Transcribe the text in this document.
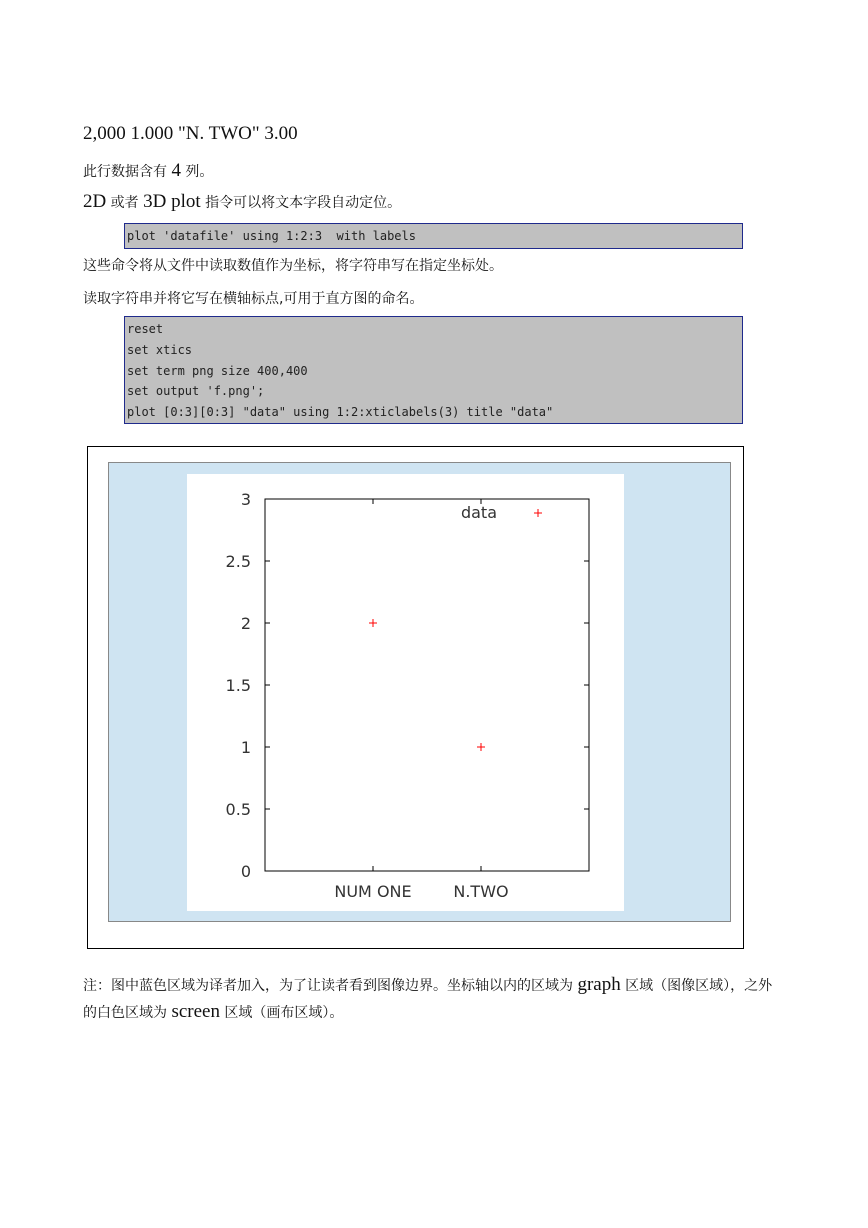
2,000 1.000 "N. TWO" 3.00
此行数据含有 4 列。
2D 或者 3D plot 指令可以将文本字段自动定位。
plot 'datafile' using 1:2:3  with labels
这些命令将从文件中读取数值作为坐标，将字符串写在指定坐标处。
读取字符串并将它写在横轴标点,可用于直方图的命名。
reset
set xtics
set term png size 400,400
set output 'f.png';
plot [0:3][0:3] "data" using 1:2:xticlabels(3) title "data"
0
0.5
1
1.5
2
2.5
3
NUM ONE	N.TWO
data
注：图中蓝色区域为译者加入，为了让读者看到图像边界。坐标轴以内的区域为 graph 区域（图像区域），之外的白色区域为 screen 区域（画布区域）。
